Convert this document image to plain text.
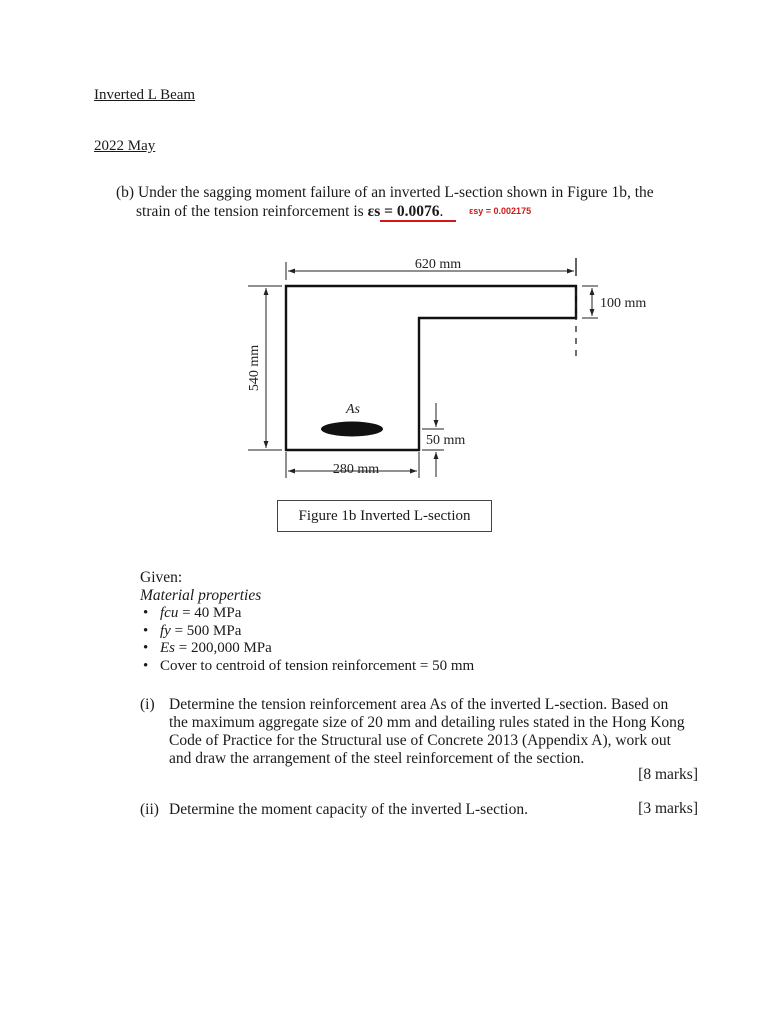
Inverted L Beam
2022 May
(b) Under the sagging moment failure of an inverted L-section shown in Figure 1b, the
strain of the tension reinforcement is εs = 0.0076.	εsy = 0.002175
620 mm
100 mm
540 mm
280 mm
50 mm
As
Figure 1b Inverted L-section
Given:
Material properties
• fcu = 40 MPa
• fy = 500 MPa
• Es = 200,000 MPa
• Cover to centroid of tension reinforcement = 50 mm
(i) Determine the tension reinforcement area As of the inverted L-section. Based on
the maximum aggregate size of 20 mm and detailing rules stated in the Hong Kong
Code of Practice for the Structural use of Concrete 2013 (Appendix A), work out
and draw the arrangement of the steel reinforcement of the section.
[8 marks]
(ii) Determine the moment capacity of the inverted L-section.	[3 marks]
